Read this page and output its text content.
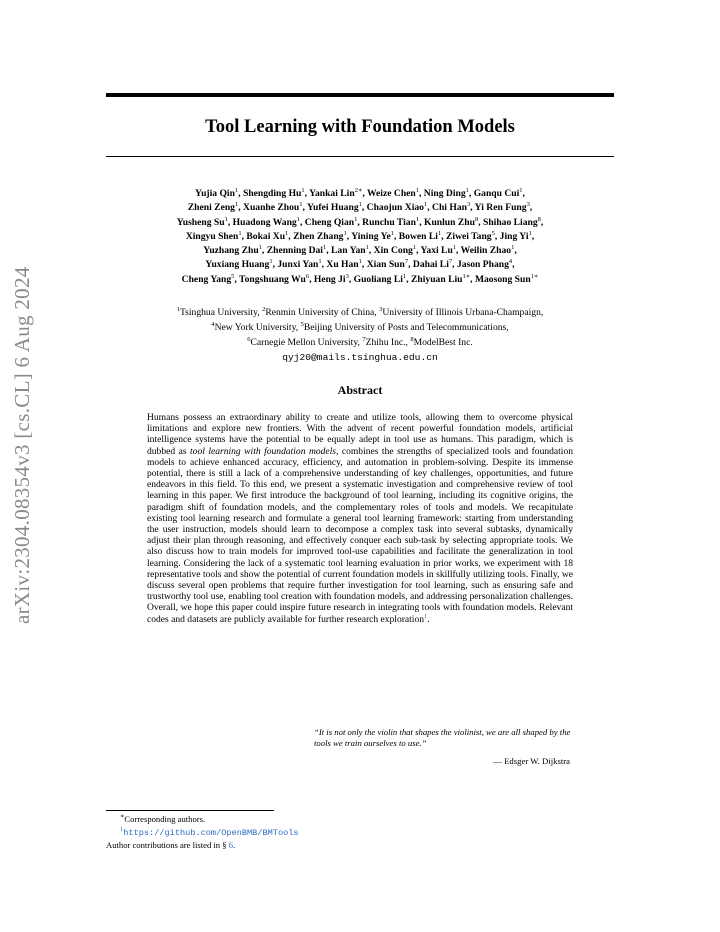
arXiv:2304.08354v3 [cs.CL] 6 Aug 2024
Tool Learning with Foundation Models
Yujia Qin$^1$, Shengding Hu$^1$, Yankai Lin$^{2∗}$, Weize Chen$^1$, Ning Ding$^1$, Ganqu Cui$^1$,
Zheni Zeng$^1$, Xuanhe Zhou$^1$, Yufei Huang$^1$, Chaojun Xiao$^1$, Chi Han$^3$, Yi Ren Fung$^3$,
Yusheng Su$^1$, Huadong Wang$^1$, Cheng Qian$^1$, Runchu Tian$^1$, Kunlun Zhu$^8$, Shihao Liang$^8$,
Xingyu Shen$^1$, Bokai Xu$^1$, Zhen Zhang$^1$, Yining Ye$^1$, Bowen Li$^1$, Ziwei Tang$^5$, Jing Yi$^1$,
Yuzhang Zhu$^1$, Zhenning Dai$^1$, Lan Yan$^1$, Xin Cong$^1$, Yaxi Lu$^1$, Weilin Zhao$^1$,
Yuxiang Huang$^1$, Junxi Yan$^1$, Xu Han$^1$, Xian Sun$^7$, Dahai Li$^7$, Jason Phang$^4$,
Cheng Yang$^5$, Tongshuang Wu$^6$, Heng Ji$^3$, Guoliang Li$^1$, Zhiyuan Liu$^{1∗}$, Maosong Sun$^{1∗}$
$^1$Tsinghua University, $^2$Renmin University of China, $^3$University of Illinois Urbana-Champaign,
$^4$New York University, $^5$Beijing University of Posts and Telecommunications,
$^6$Carnegie Mellon University, $^7$Zhihu Inc., $^8$ModelBest Inc.
qyj20@mails.tsinghua.edu.cn
Abstract
Humans possess an extraordinary ability to create and utilize tools, allowing them to overcome physical limitations and explore new frontiers. With the advent of recent powerful foundation models, artificial intelligence systems have the potential to be equally adept in tool use as humans. This paradigm, which is dubbed as tool learning with foundation models, combines the strengths of specialized tools and foundation models to achieve enhanced accuracy, efficiency, and automation in problem-solving. Despite its immense potential, there is still a lack of a comprehensive understanding of key challenges, opportunities, and future endeavors in this field. To this end, we present a systematic investigation and comprehensive review of tool learning in this paper. We first introduce the background of tool learning, including its cognitive origins, the paradigm shift of foundation models, and the complementary roles of tools and models. We recapitulate existing tool learning research and formulate a general tool learning framework: starting from understanding the user instruction, models should learn to decompose a complex task into several subtasks, dynamically adjust their plan through reasoning, and effectively conquer each sub-task by selecting appropriate tools. We also discuss how to train models for improved tool-use capabilities and facilitate the generalization in tool learning. Considering the lack of a systematic tool learning evaluation in prior works, we experiment with 18 representative tools and show the potential of current foundation models in skillfully utilizing tools. Finally, we discuss several open problems that require further investigation for tool learning, such as ensuring safe and trustworthy tool use, enabling tool creation with foundation models, and addressing personalization challenges. Overall, we hope this paper could inspire future research in integrating tools with foundation models. Relevant codes and datasets are publicly available for further research exploration$^1$.
“It is not only the violin that shapes the violinist, we are all shaped by the tools we train ourselves to use.”
— Edsger W. Dijkstra
∗Corresponding authors.
$^1$https://github.com/OpenBMB/BMTools
Author contributions are listed in § 6.
